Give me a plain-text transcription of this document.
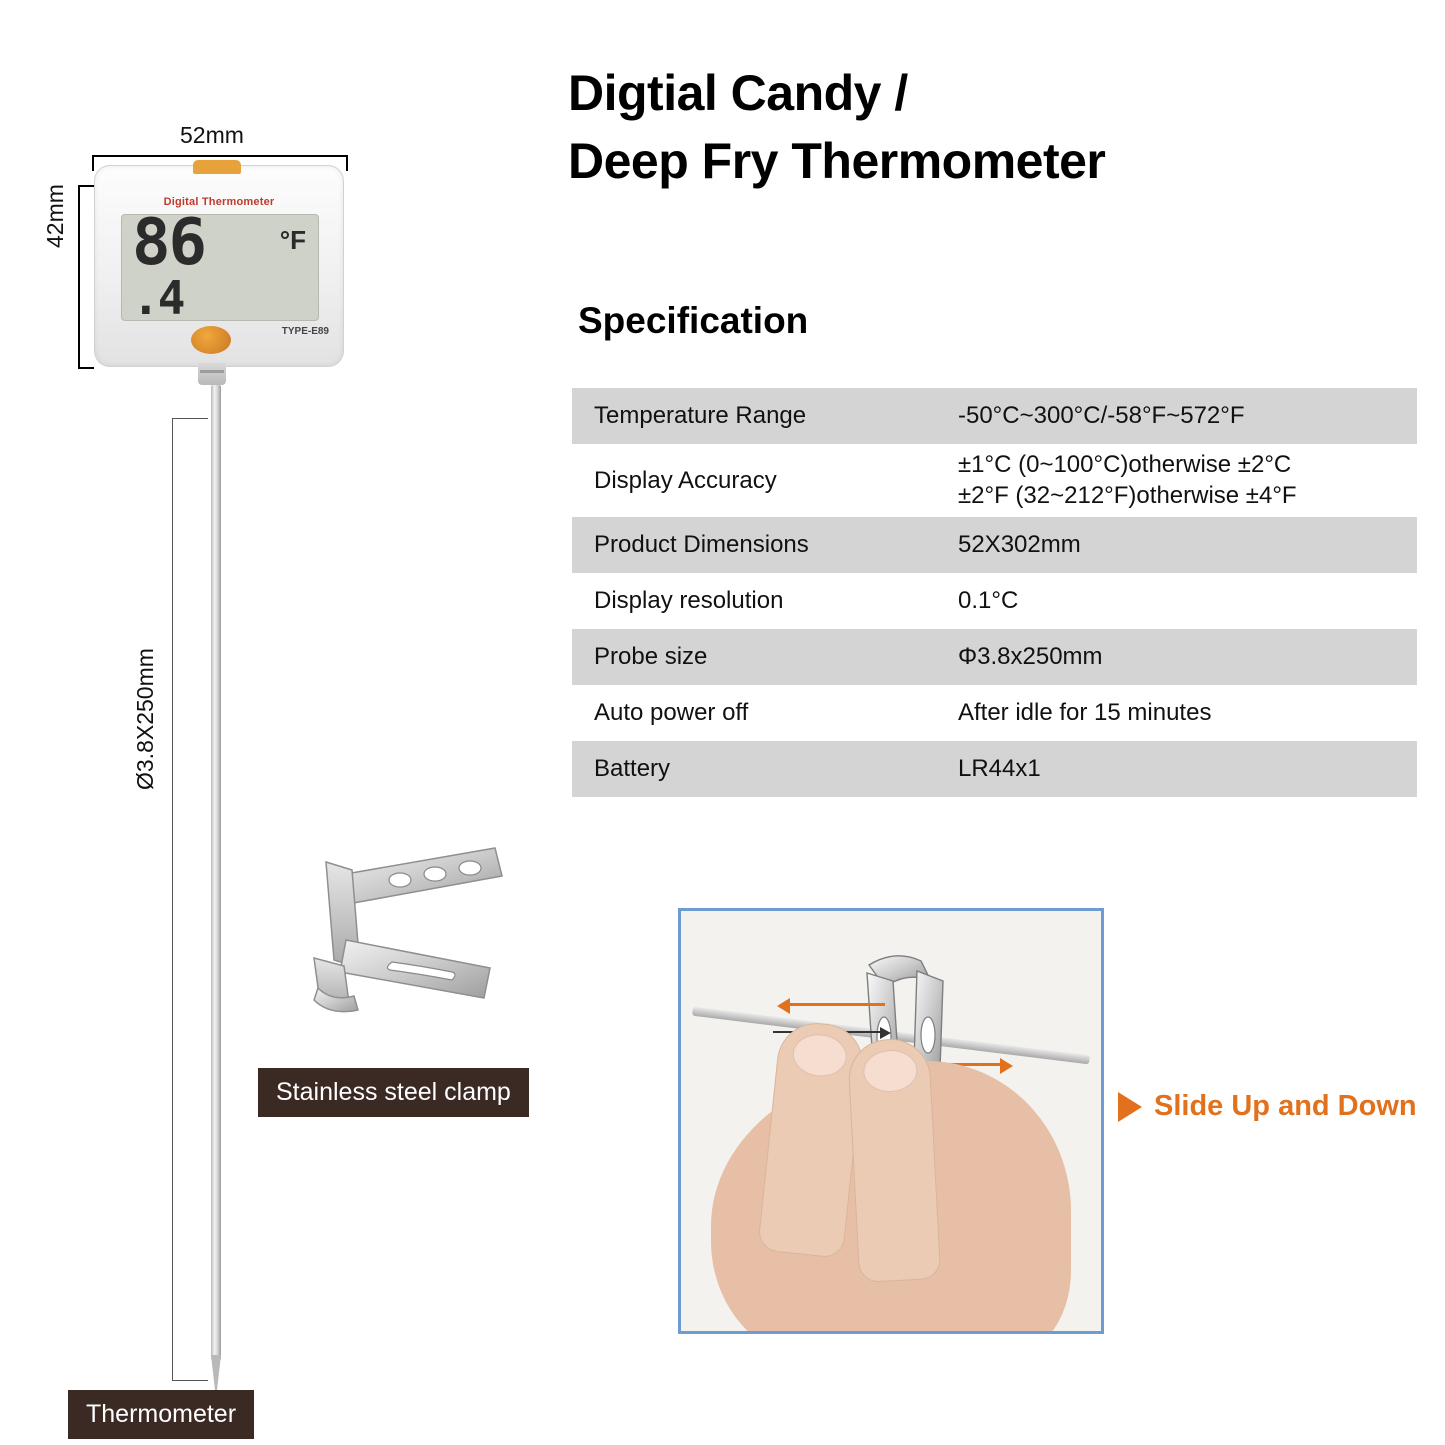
Digtial Candy /
Deep Fry Thermometer
Specification
Temperature Range	-50°C~300°C/-58°F~572°F
Display Accuracy	±1°C (0~100°C)otherwise ±2°C
±2°F (32~212°F)otherwise ±4°F

Product Dimensions	52X302mm
Display resolution	0.1°C
Probe size	Φ3.8x250mm
Auto power off	After idle for 15 minutes
Battery	LR44x1
52mm
42mm
Ø3.8X250mm
Digital Thermometer
86
.4
°F
TYPE-E89
Stainless steel clamp
Thermometer
Slide Up and Down
